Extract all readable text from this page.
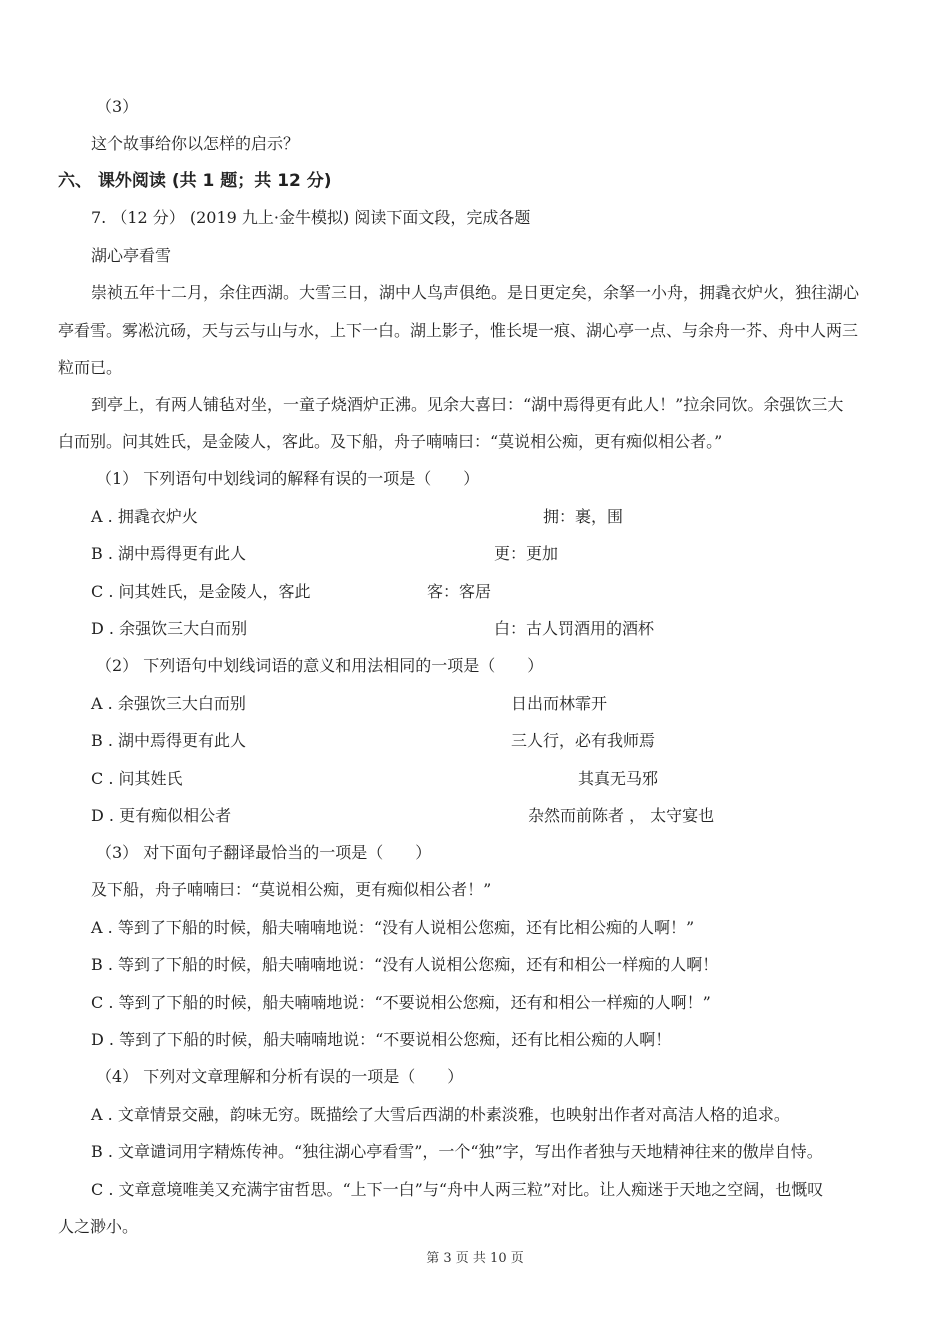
（3）
这个故事给你以怎样的启示？
六、 课外阅读 (共 1 题；共 12 分)
7. （12 分） (2019 九上·金牛模拟) 阅读下面文段，完成各题
湖心亭看雪
崇祯五年十二月，余住西湖。大雪三日，湖中人鸟声俱绝。是日更定矣，余拏一小舟，拥毳衣炉火，独往湖心
亭看雪。雾凇沆砀，天与云与山与水，上下一白。湖上影子，惟长堤一痕、湖心亭一点、与余舟一芥、舟中人两三
粒而已。
到亭上，有两人铺毡对坐，一童子烧酒炉正沸。见余大喜曰：“湖中焉得更有此人！”拉余同饮。余强饮三大
白而别。问其姓氏，是金陵人，客此。及下船，舟子喃喃曰：“莫说相公痴，更有痴似相公者。”
（1） 下列语句中划线词的解释有误的一项是（　　）
A . 拥毳衣炉火	拥：裹，围
B . 湖中焉得更有此人	更：更加
C . 问其姓氏，是金陵人，客此	客：客居
D . 余强饮三大白而别	白：古人罚酒用的酒杯
（2） 下列语句中划线词语的意义和用法相同的一项是（　　）
A . 余强饮三大白而别	日出而林霏开
B . 湖中焉得更有此人	三人行，必有我师焉
C . 问其姓氏	其真无马邪
D . 更有痴似相公者	杂然而前陈者 ， 太守宴也
（3） 对下面句子翻译最恰当的一项是（　　）
及下船，舟子喃喃曰：“莫说相公痴，更有痴似相公者！”
A . 等到了下船的时候，船夫喃喃地说：“没有人说相公您痴，还有比相公痴的人啊！”
B . 等到了下船的时候，船夫喃喃地说：“没有人说相公您痴，还有和相公一样痴的人啊！
C . 等到了下船的时候，船夫喃喃地说：“不要说相公您痴，还有和相公一样痴的人啊！”
D . 等到了下船的时候，船夫喃喃地说：“不要说相公您痴，还有比相公痴的人啊！
（4） 下列对文章理解和分析有误的一项是（　　）
A . 文章情景交融，韵味无穷。既描绘了大雪后西湖的朴素淡雅，也映射出作者对高洁人格的追求。
B . 文章谴词用字精炼传神。“独往湖心亭看雪”，一个“独”字，写出作者独与天地精神往来的傲岸自恃。
C . 文章意境唯美又充满宇宙哲思。“上下一白”与“舟中人两三粒”对比。让人痴迷于天地之空阔，也慨叹
人之渺小。
第 3 页 共 10 页
